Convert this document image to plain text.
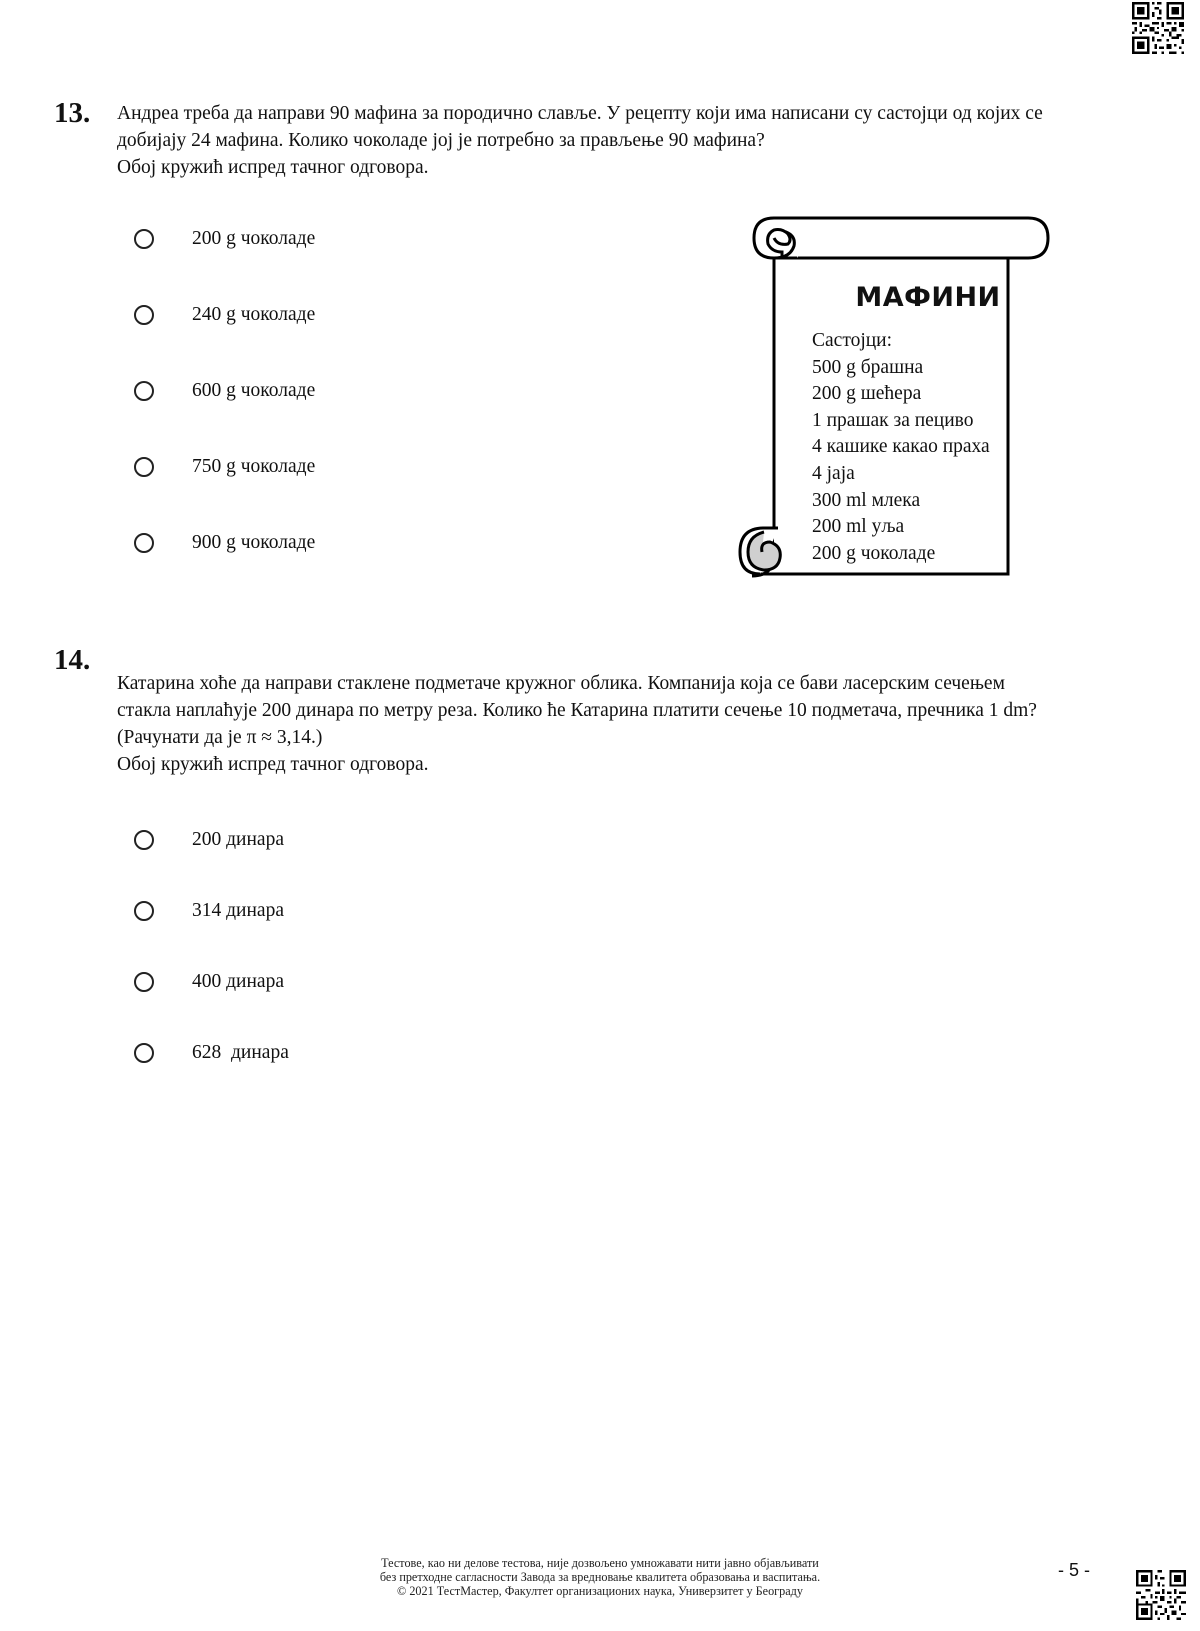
13. Андреа треба да направи 90 мафина за породично славље. У рецепту који има написани су састојци од којих се
добијају 24 мафина. Колико чоколаде јој је потребно за прављење 90 мафина?
Обој кружић испред тачног одговора.
200 g чоколаде
240 g чоколаде
600 g чоколаде
750 g чоколаде
900 g чоколаде
МАФИНИ
Састојци:
500 g брашна
200 g шећера
1 прашак за пециво
4 кашике какао праха
4 јаја
300 ml млека
200 ml уља
200 g чоколаде
14.
Катарина хоће да направи стаклене подметаче кружног облика. Компанија која се бави ласерским сечењем
стакла наплаћује 200 динара по метру реза. Колико ће Катарина платити сечење 10 подметача, пречника 1 dm?
(Рачунати да је π ≈ 3,14.)
Обој кружић испред тачног одговора.
200 динара
314 динара
400 динара
628  динара
Тестове, као ни делове тестова, није дозвољено умножавати нити јавно објављивати
без претходне сагласности Завода за вредновање квалитета образовања и васпитања.
© 2021 ТестМастер, Факултет организационих наука, Универзитет у Београду
- 5 -
